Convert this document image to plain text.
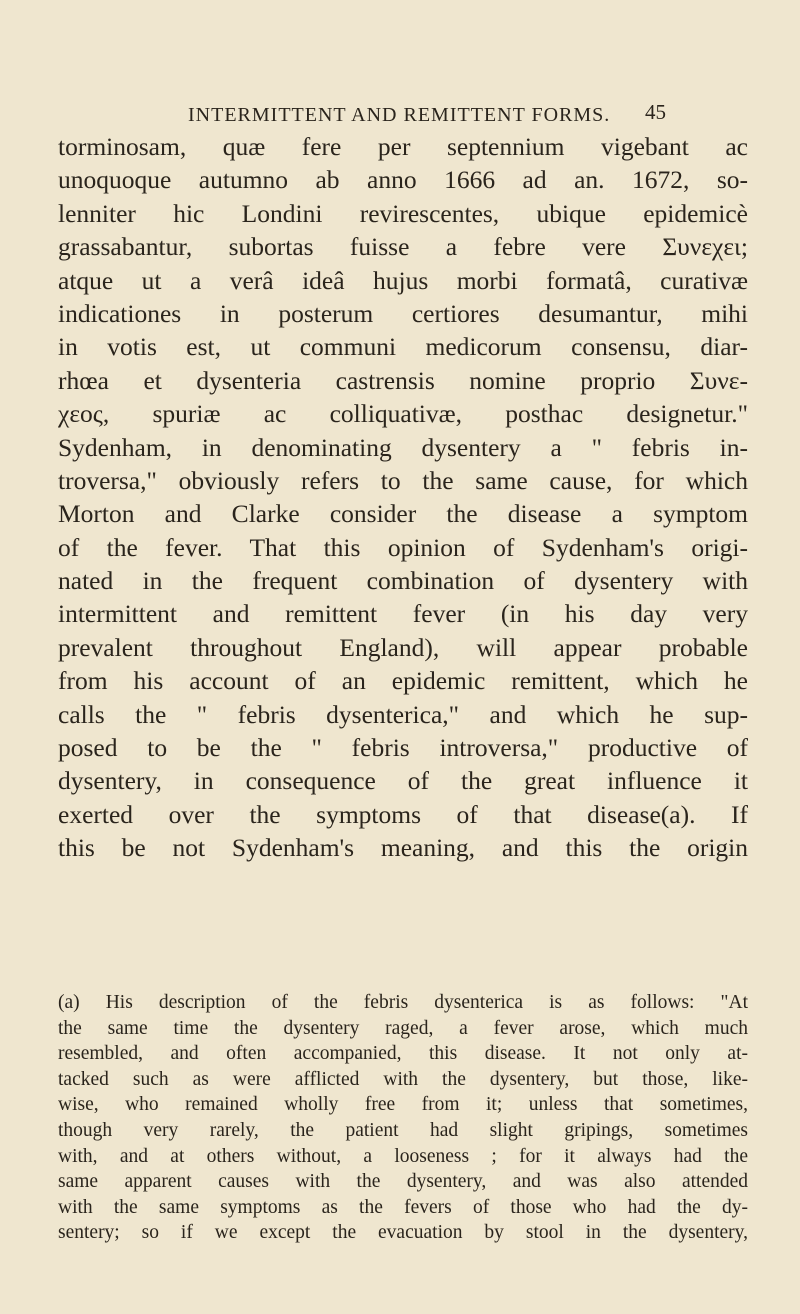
INTERMITTENT AND REMITTENT FORMS. 45
torminosam, quæ fere per septennium vigebant ac
unoquoque autumno ab anno 1666 ad an. 1672, so-
lenniter hic Londini revirescentes, ubique epidemicè
grassabantur, subortas fuisse a febre vere Συνεχει;
atque ut a verâ ideâ hujus morbi formatâ, curativæ
indicationes in posterum certiores desumantur, mihi
in votis est, ut communi medicorum consensu, diar-
rhœa et dysenteria castrensis nomine proprio Συνε-
χεος, spuriæ ac colliquativæ, posthac designetur."
Sydenham, in denominating dysentery a " febris in-
troversa," obviously refers to the same cause, for which
Morton and Clarke consider the disease a symptom
of the fever. That this opinion of Sydenham's origi-
nated in the frequent combination of dysentery with
intermittent and remittent fever (in his day very
prevalent throughout England), will appear probable
from his account of an epidemic remittent, which he
calls the " febris dysenterica," and which he sup-
posed to be the " febris introversa," productive of
dysentery, in consequence of the great influence it
exerted over the symptoms of that disease(a). If
this be not Sydenham's meaning, and this the origin
(a) His description of the febris dysenterica is as follows: "At
the same time the dysentery raged, a fever arose, which much
resembled, and often accompanied, this disease. It not only at-
tacked such as were afflicted with the dysentery, but those, like-
wise, who remained wholly free from it; unless that sometimes,
though very rarely, the patient had slight gripings, sometimes
with, and at others without, a looseness ; for it always had the
same apparent causes with the dysentery, and was also attended
with the same symptoms as the fevers of those who had the dy-
sentery; so if we except the evacuation by stool in the dysentery,
